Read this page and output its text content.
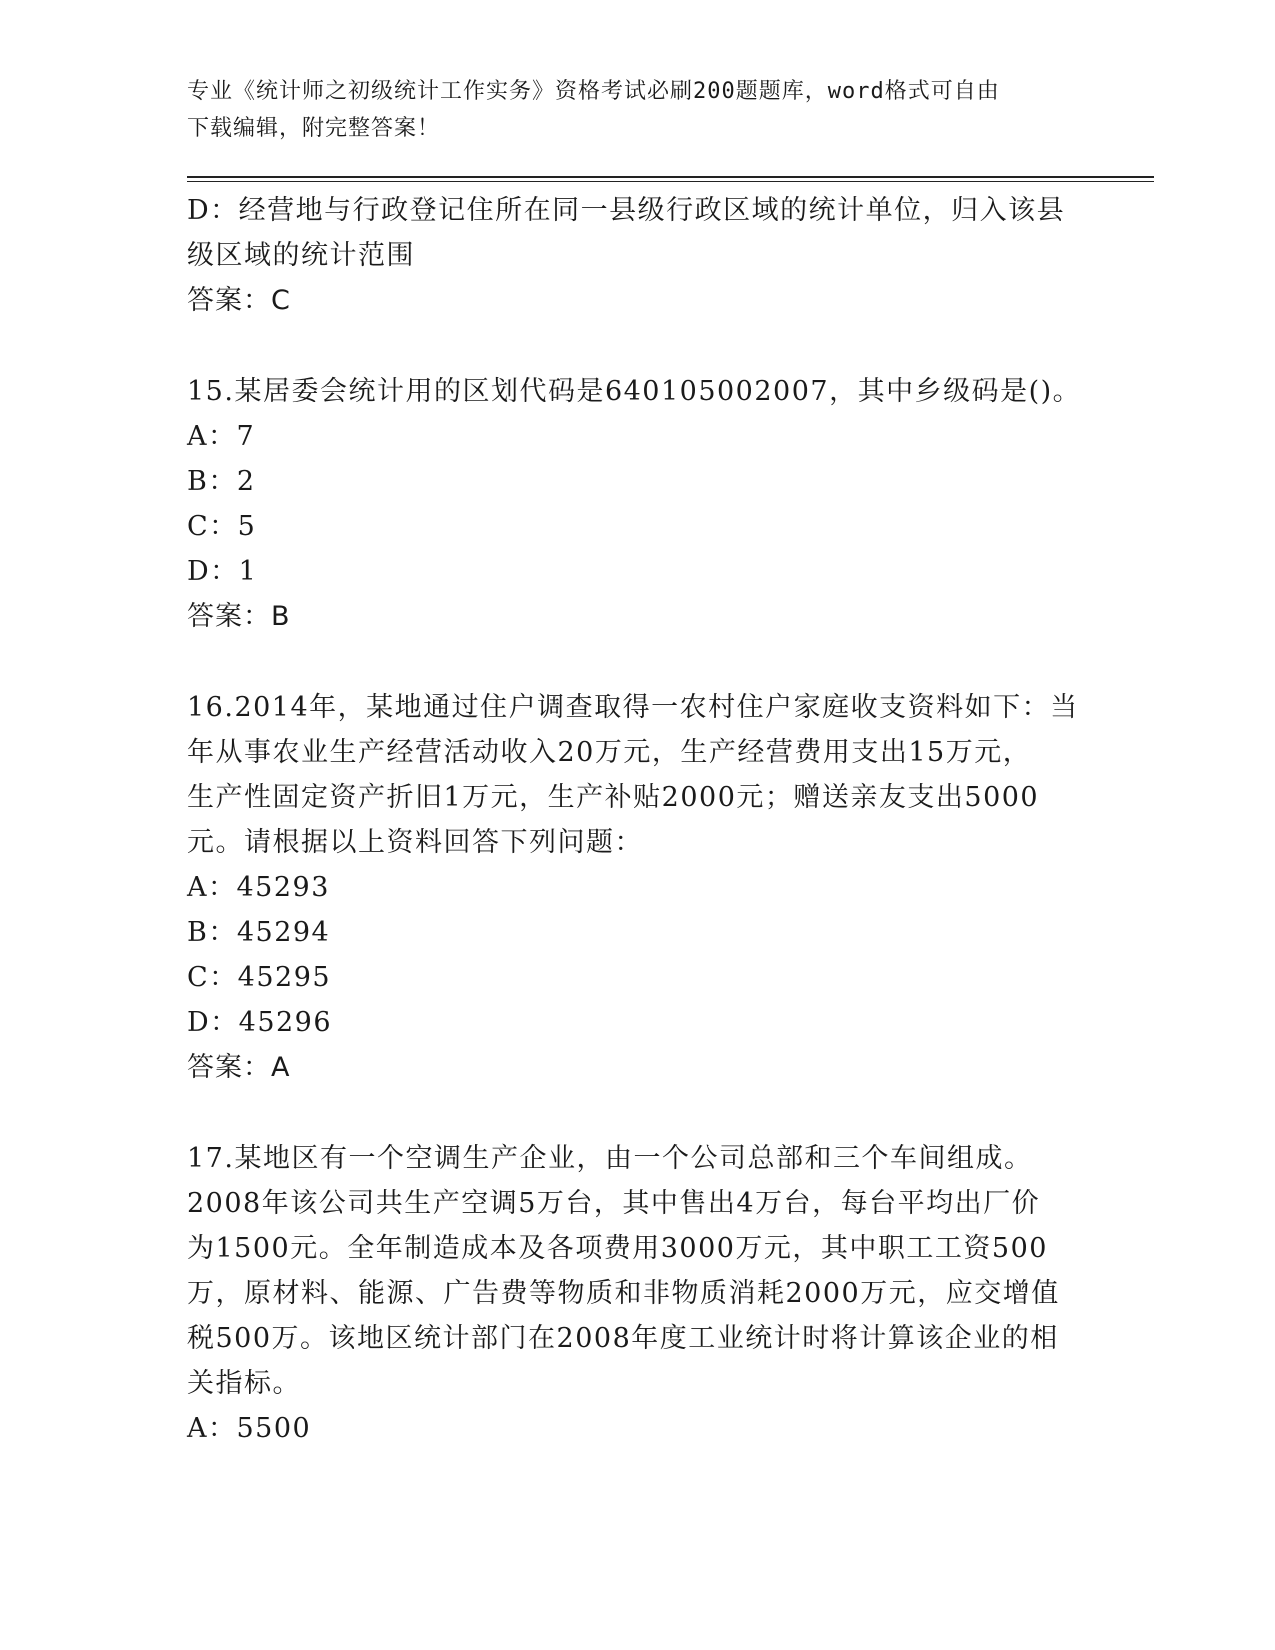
专业《统计师之初级统计工作实务》资格考试必刷200题题库，word格式可自由
下载编辑，附完整答案！

D：经营地与行政登记住所在同一县级行政区域的统计单位，归入该县

级区域的统计范围

答案：C

15.某居委会统计用的区划代码是640105002007，其中乡级码是()。

A：7

B：2

C：5

D：1

答案：B

16.2014年，某地通过住户调查取得一农村住户家庭收支资料如下：当

年从事农业生产经营活动收入20万元，生产经营费用支出15万元，

生产性固定资产折旧1万元，生产补贴2000元；赠送亲友支出5000

元。请根据以上资料回答下列问题：

A：45293

B：45294

C：45295

D：45296

答案：A

17.某地区有一个空调生产企业，由一个公司总部和三个车间组成。

2008年该公司共生产空调5万台，其中售出4万台，每台平均出厂价

为1500元。全年制造成本及各项费用3000万元，其中职工工资500

万，原材料、能源、广告费等物质和非物质消耗2000万元，应交增值

税500万。该地区统计部门在2008年度工业统计时将计算该企业的相

关指标。

A：5500
